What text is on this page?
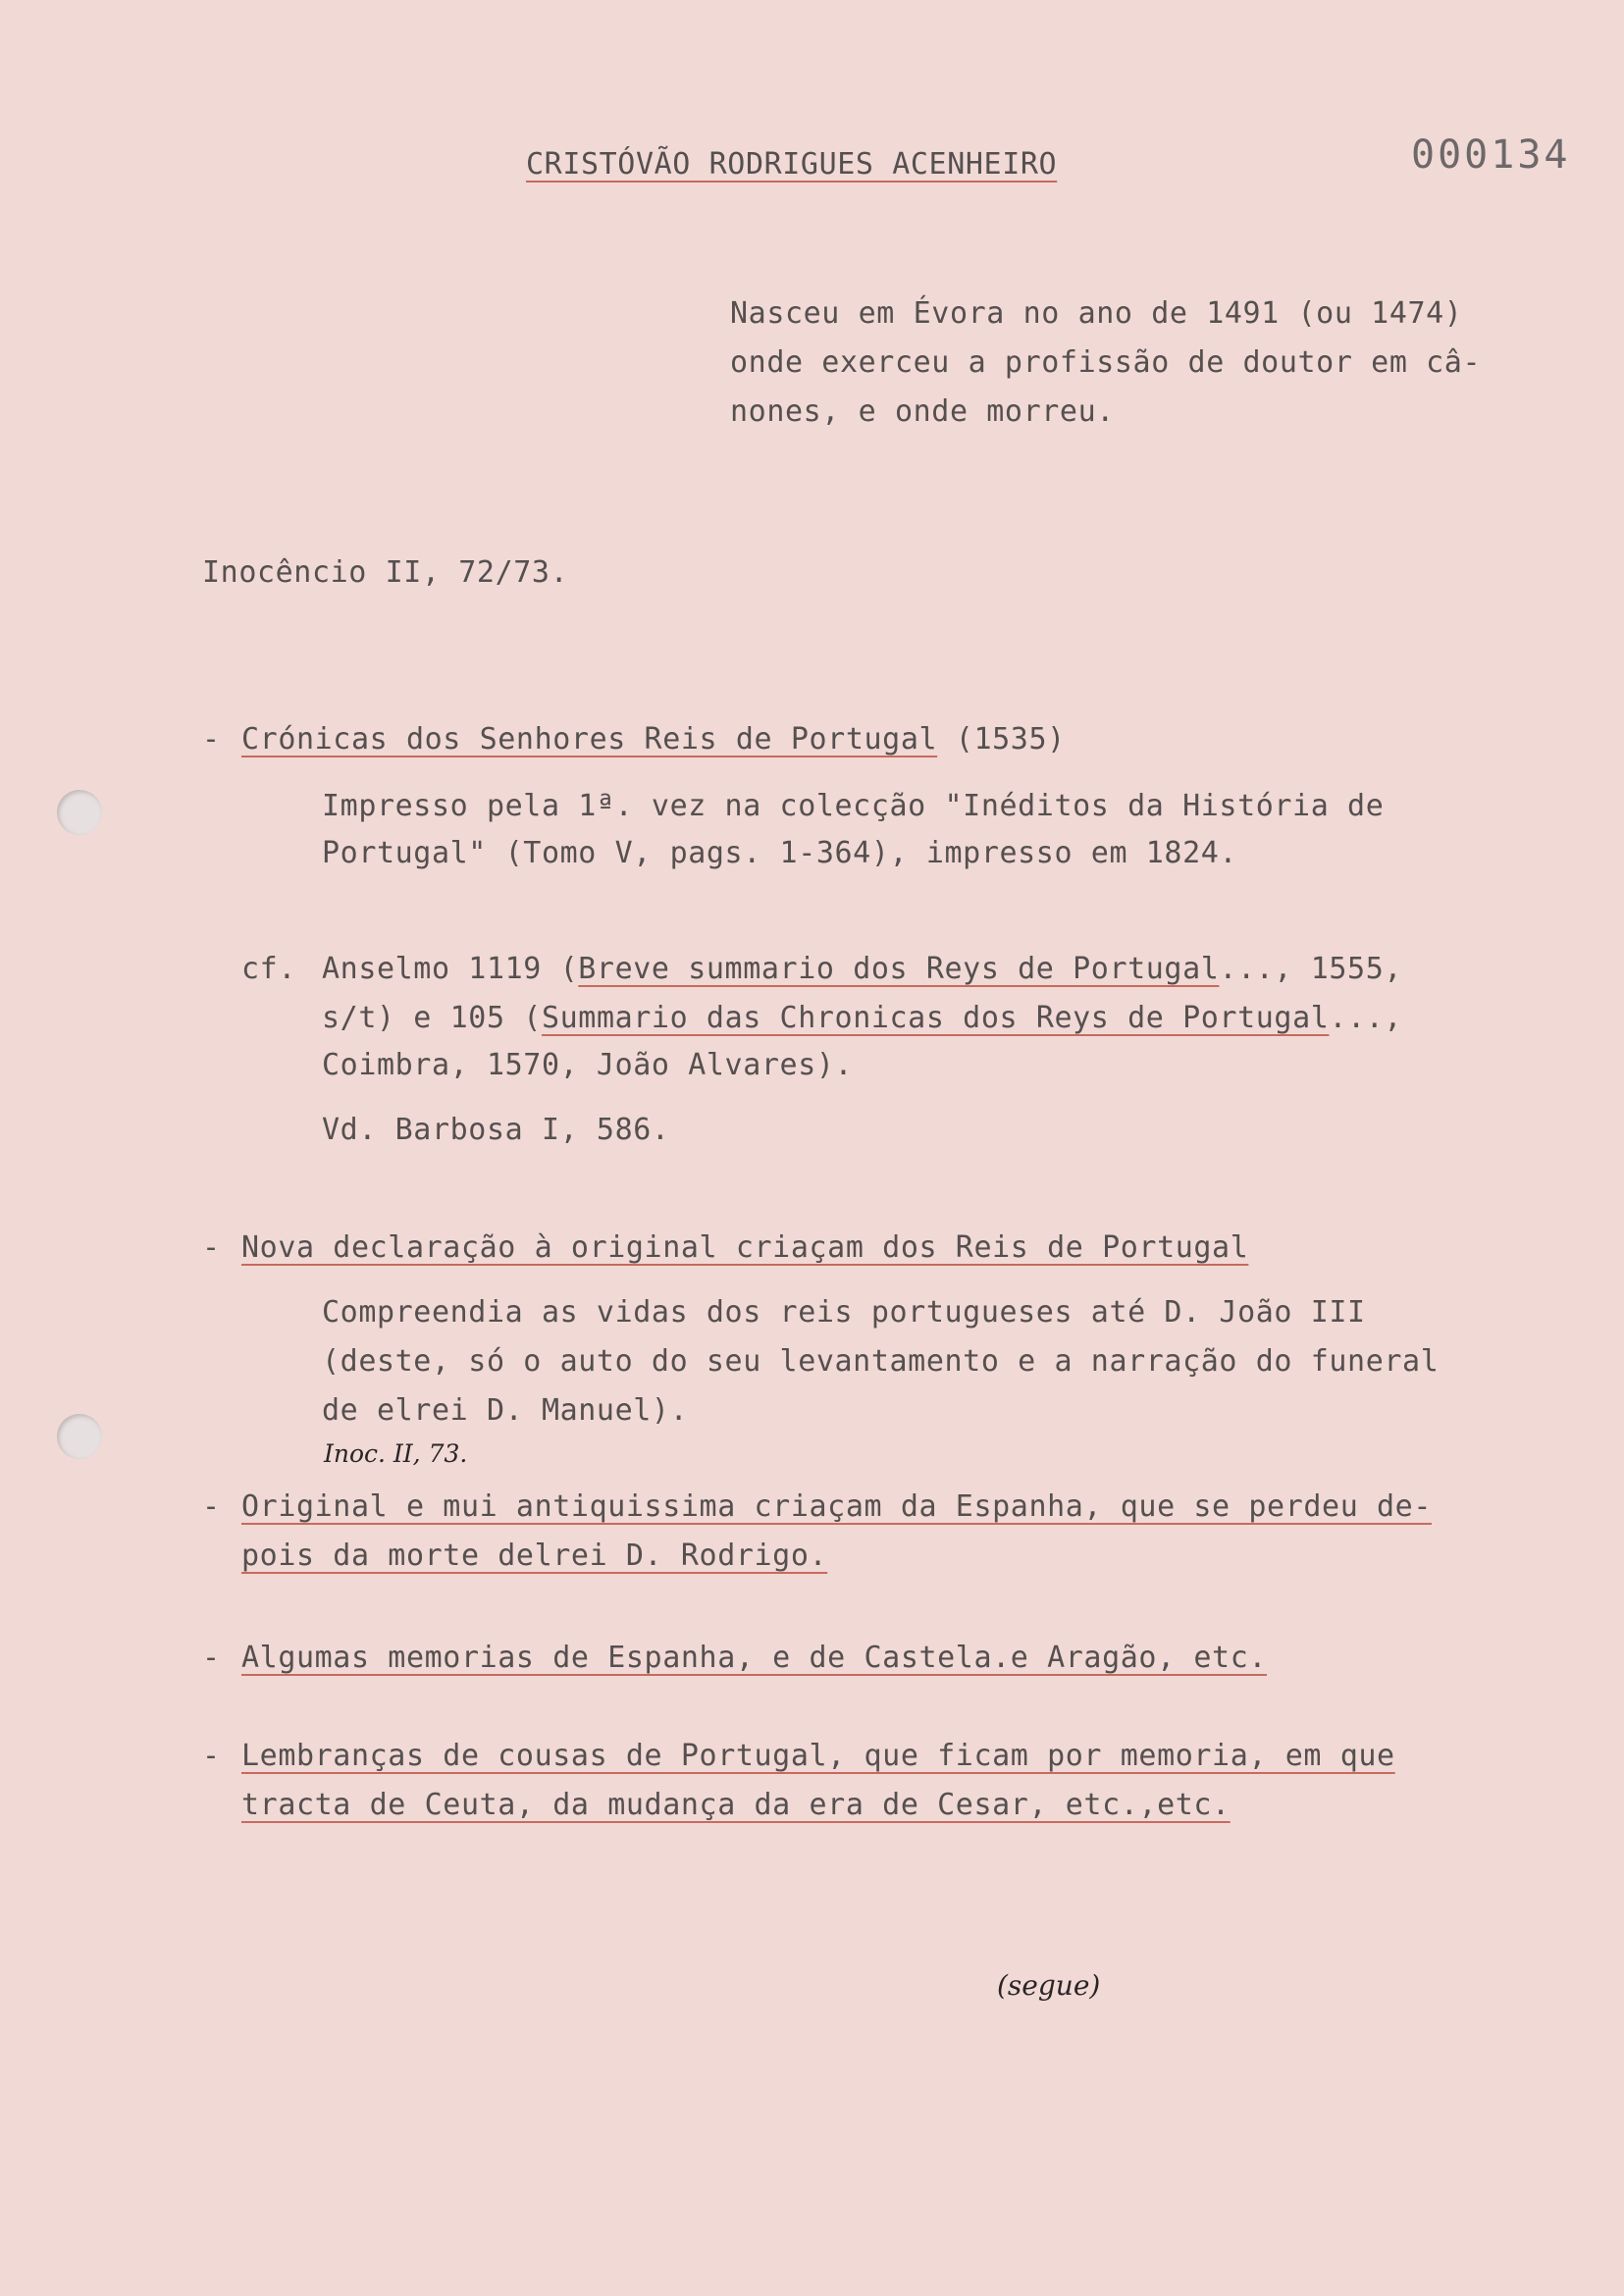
CRISTÓVÃO RODRIGUES ACENHEIRO	000134
Nasceu em Évora no ano de 1491 (ou 1474)
onde exerceu a profissão de doutor em câ-
nones, e onde morreu.
Inocêncio II, 72/73.
- Crónicas dos Senhores Reis de Portugal (1535)
Impresso pela 1ª. vez na colecção "Inéditos da História de
Portugal" (Tomo V, pags. 1-364), impresso em 1824.
cf. Anselmo 1119 (Breve summario dos Reys de Portugal..., 1555,
s/t) e 105 (Summario das Chronicas dos Reys de Portugal...,
Coimbra, 1570, João Alvares).
Vd. Barbosa I, 586.
- Nova declaração à original criaçam dos Reis de Portugal
Compreendia as vidas dos reis portugueses até D. João III
(deste, só o auto do seu levantamento e a narração do funeral
de elrei D. Manuel).
Inoc. II, 73.
- Original e mui antiquissima criaçam da Espanha, que se perdeu de-
pois da morte delrei D. Rodrigo.
- Algumas memorias de Espanha, e de Castela.e Aragão, etc.
- Lembranças de cousas de Portugal, que ficam por memoria, em que
tracta de Ceuta, da mudança da era de Cesar, etc.,etc.
(segue)
